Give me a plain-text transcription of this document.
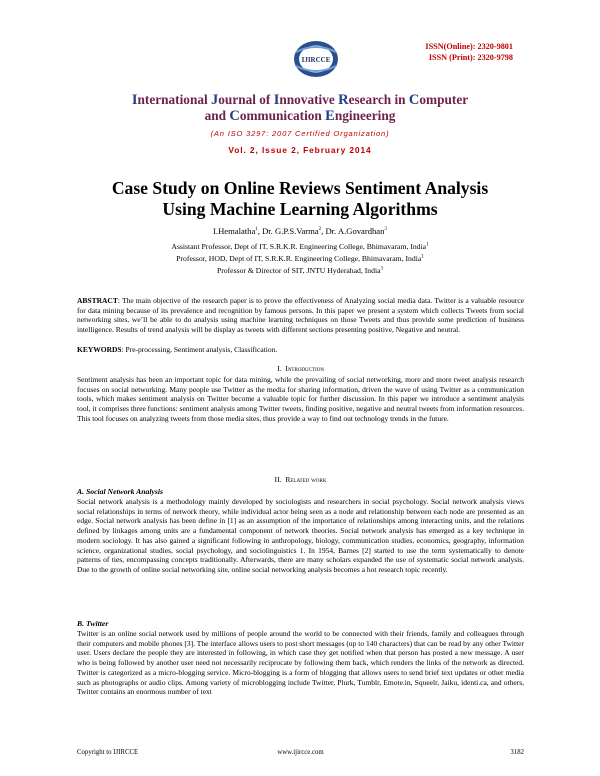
IJIRCCE
ISSN(Online): 2320-9801
ISSN (Print): 2320-9798
International Journal of Innovative Research in Computer
and Communication Engineering
(An ISO 3297: 2007 Certified Organization)
Vol. 2, Issue 2, February 2014
Case Study on Online Reviews Sentiment Analysis
Using Machine Learning Algorithms
I.Hemalatha$^1$, Dr. G.P.S.Varma$^2$, Dr. A.Govardhan$^3$
Assistant Professor, Dept of IT, S.R.K.R. Engineering College, Bhimavaram, India$^1$
Professor, HOD, Dept of IT, S.R.K.R. Engineering College, Bhimavaram, India$^1$
Professor & Director of SIT, JNTU Hyderahad, India$^3$
ABSTRACT: The main objective of the research paper is to prove the effectiveness of Analyzing social media data. Twitter is a valuable resource for data mining because of its prevalence and recognition by famous persons. In this paper we present a system which collects Tweets from social networking sites, we’ll be able to do analysis using machine learning techniques on those Tweets and thus provide some prediction of business intelligence. Results of trend analysis will be display as tweets with different sections presenting positive, Negative and neutral.
KEYWORDS: Pre-processing, Sentiment analysis, Classification.
I. Introduction
Sentiment analysis has been an important topic for data mining, while the prevailing of social networking, more and more tweet analysis research focuses on social networking. Many people use Twitter as the media for sharing information, driven the wave of using Twitter as a communication tools, which makes sentiment analysis on Twitter become a valuable topic for further discussion. In this paper we introduce a sentiment analysis tool, it comprises three functions: sentiment analysis among Twitter tweets, finding positive, negative and neutral tweets from information resources. This tool focuses on analyzing tweets from those media sites, thus provide a way to find out technology trends in the future.
II. Related work
A. Social Network Analysis
Social network analysis is a methodology mainly developed by sociologists and researchers in social psychology. Social network analysis views social relationships in terms of network theory, while individual actor being seen as a node and relationship between each node are presented as an edge. Social network analysis has been define in [1] as an assumption of the importance of relationships among interacting units, and the relations defined by linkages among units are a fundamental component of network theories. Social network analysis has emerged as a key technique in modern sociology. It has also gained a significant following in anthropology, biology, communication studies, economics, geography, information science, organizational studies, social psychology, and sociolinguistics 1. In 1954, Barnes [2] started to use the term systematically to denote patterns of ties, encompassing concepts traditionally. Afterwards, there are many scholars expanded the use of systematic social network analysis. Due to the growth of online social networking site, online social networking analysis becomes a hot research topic recently.
B. Twitter
Twitter is an online social network used by millions of people around the world to be connected with their friends, family and colleagues through their computers and mobile phones [3]. The interface allows users to post short messages (up to 140 characters) that can be read by any other Twitter user. Users declare the people they are interested in following, in which case they get notified when that person has posted a new message. A user who is being followed by another user need not necessarily reciprocate by following them back, which renders the links of the network as directed. Twitter is categorized as a micro-blogging service. Micro-blogging is a form of blogging that allows users to send brief text updates or other media such as photographs or audio clips. Among variety of microblogging include Twitter, Plurk, Tumblr, Emote.in, Squeelr, Jaiku, identi.ca, and others, Twitter contains an enormous number of text
Copyright to IJIRCCE	www.ijircce.com	3182
